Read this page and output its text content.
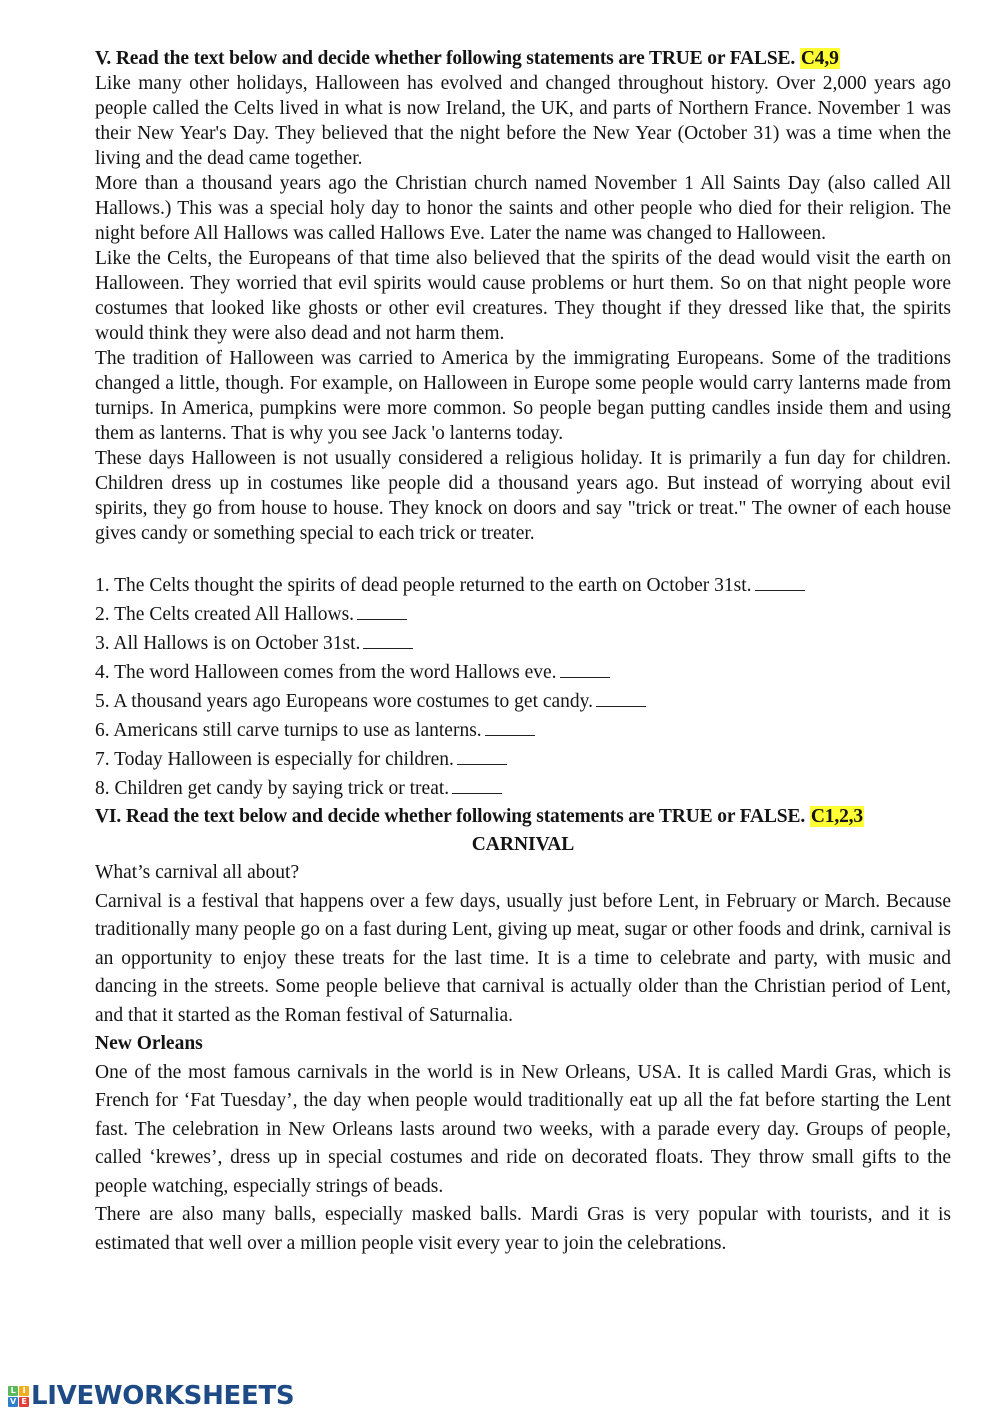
V. Read the text below and decide whether following statements are TRUE or FALSE. C4,9

Like many other holidays, Halloween has evolved and changed throughout history. Over 2,000 years ago people called the Celts lived in what is now Ireland, the UK, and parts of Northern France. November 1 was their New Year's Day. They believed that the night before the New Year (October 31) was a time when the living and the dead came together.

More than a thousand years ago the Christian church named November 1 All Saints Day (also called All Hallows.) This was a special holy day to honor the saints and other people who died for their religion. The night before All Hallows was called Hallows Eve. Later the name was changed to Halloween.

Like the Celts, the Europeans of that time also believed that the spirits of the dead would visit the earth on Halloween. They worried that evil spirits would cause problems or hurt them. So on that night people wore costumes that looked like ghosts or other evil creatures. They thought if they dressed like that, the spirits would think they were also dead and not harm them.

The tradition of Halloween was carried to America by the immigrating Europeans. Some of the traditions changed a little, though. For example, on Halloween in Europe some people would carry lanterns made from turnips. In America, pumpkins were more common. So people began putting candles inside them and using them as lanterns. That is why you see Jack 'o lanterns today.

These days Halloween is not usually considered a religious holiday. It is primarily a fun day for children. Children dress up in costumes like people did a thousand years ago. But instead of worrying about evil spirits, they go from house to house. They knock on doors and say "trick or treat." The owner of each house gives candy or something special to each trick or treater.

1. The Celts thought the spirits of dead people returned to the earth on October 31st.
2. The Celts created All Hallows.
3. All Hallows is on October 31st.
4. The word Halloween comes from the word Hallows eve.
5. A thousand years ago Europeans wore costumes to get candy.
6. Americans still carve turnips to use as lanterns.
7. Today Halloween is especially for children.
8. Children get candy by saying trick or treat.

VI. Read the text below and decide whether following statements are TRUE or FALSE. C1,2,3

CARNIVAL

What’s carnival all about?

Carnival is a festival that happens over a few days, usually just before Lent, in February or March. Because traditionally many people go on a fast during Lent, giving up meat, sugar or other foods and drink, carnival is an opportunity to enjoy these treats for the last time. It is a time to celebrate and party, with music and dancing in the streets. Some people believe that carnival is actually older than the Christian period of Lent, and that it started as the Roman festival of Saturnalia.

New Orleans

One of the most famous carnivals in the world is in New Orleans, USA. It is called Mardi Gras, which is French for ‘Fat Tuesday’, the day when people would traditionally eat up all the fat before starting the Lent fast. The celebration in New Orleans lasts around two weeks, with a parade every day. Groups of people, called ‘krewes’, dress up in special costumes and ride on decorated floats. They throw small gifts to the people watching, especially strings of beads.

There are also many balls, especially masked balls. Mardi Gras is very popular with tourists, and it is estimated that well over a million people visit every year to join the celebrations.

L I
V E LIVEWORKSHEETS
